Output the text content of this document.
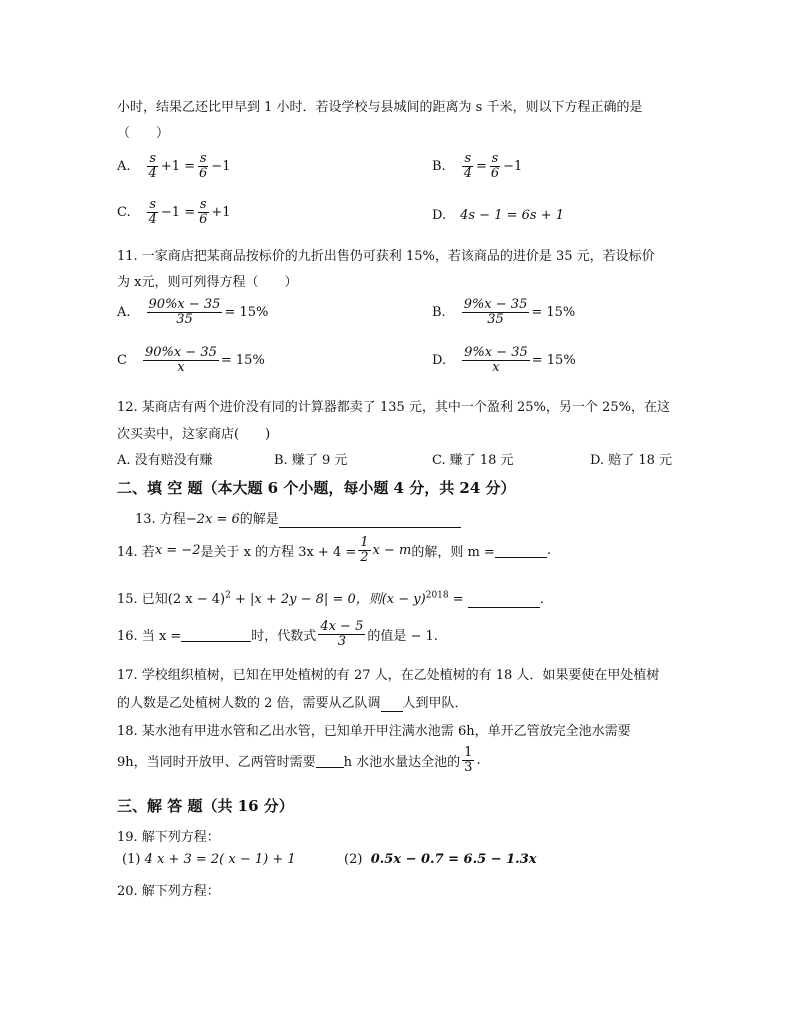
小时，结果乙还比甲早到 1 小时．若设学校与县城间的距离为 s 千米，则以下方程正确的是
（　　）
A. $\frac{s}{4} +1 = \frac{s}{6} -1$	B. $\frac{s}{4} = \frac{s}{6} -1$
C. $\frac{s}{4} -1 = \frac{s}{6} +1$	D. 4s − 1 = 6s + 1
11. 一家商店把某商品按标价的九折出售仍可获利 15%，若该商品的进价是 35 元，若设标价
为 x元，则可列得方程（　　）
A. $\frac{90\%x - 35}{35} = 15\%$	B. $\frac{9\%x - 35}{35} = 15\%$
C $\frac{90\%x - 35}{x} = 15\%$	D. $\frac{9\%x - 35}{x} = 15\%$
12. 某商店有两个进价没有同的计算器都卖了 135 元，其中一个盈利 25%，另一个 25%，在这
次买卖中，这家商店(　　)
A. 没有赔没有赚	B. 赚了 9 元	C. 赚了 18 元	D. 赔了 18 元
二、填 空 题（本大题 6 个小题，每小题 4 分，共 24 分）
13. 方程−2x = 6的解是
14. 若 x = −2 是关于 x 的方程 $3x + 4 = \frac{1}{2}$ x − m 的解，则 m =
	.
15. 已知(2 x − 4)$^2$ + |x + 2y − 8| = 0，则$(x - y)^{2018}$ =	.
16. 当 x =
	时，代数式 $\frac{4x - 5}{3}$ 的值是 − 1.
17. 学校组织植树，已知在甲处植树的有 27 人，在乙处植树的有 18 人．如果要使在甲处植树
的人数是乙处植树人数的 2 倍，需要从乙队调 人到甲队．
18. 某水池有甲进水管和乙出水管，已知单开甲注满水池需 6h，单开乙管放完全池水需要
9h，当同时开放甲、乙两管时需要
h 水池水量达全池的 $\frac{1}{3}$ .
三、解 答 题（共 16 分）
19. 解下列方程：
(1) 4 x + 3 = 2( x − 1) + 1	(2) 0.5x − 0.7 = 6.5 − 1.3x
20. 解下列方程：
